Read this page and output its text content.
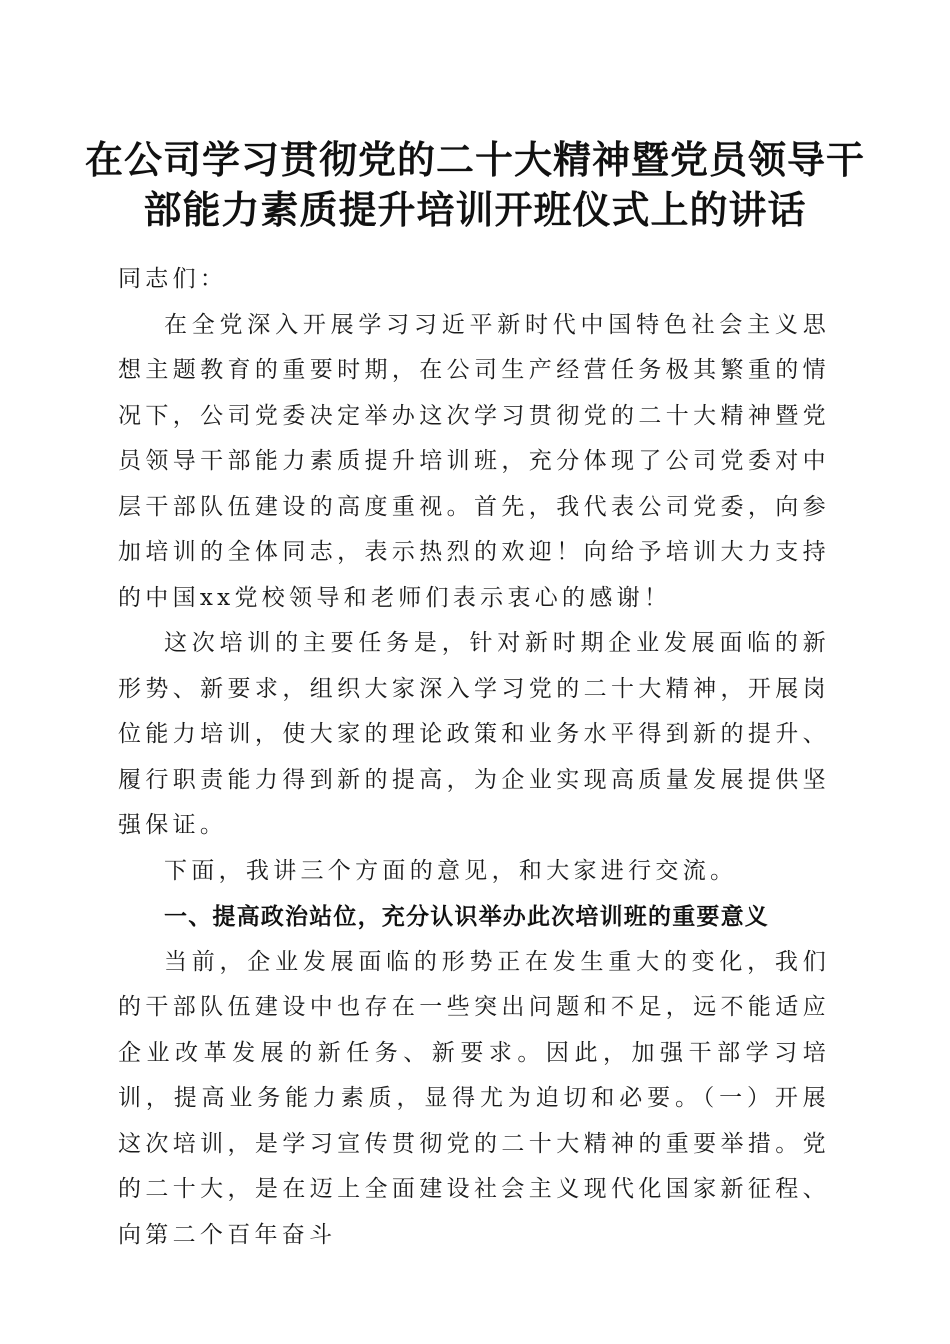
在公司学习贯彻党的二十大精神暨党员领导干
部能力素质提升培训开班仪式上的讲话

同志们：

在全党深入开展学习习近平新时代中国特色社会主义思想主题教育的重要时期，在公司生产经营任务极其繁重的情况下，公司党委决定举办这次学习贯彻党的二十大精神暨党员领导干部能力素质提升培训班，充分体现了公司党委对中层干部队伍建设的高度重视。首先，我代表公司党委，向参加培训的全体同志，表示热烈的欢迎！向给予培训大力支持的中国xx党校领导和老师们表示衷心的感谢！

这次培训的主要任务是，针对新时期企业发展面临的新形势、新要求，组织大家深入学习党的二十大精神，开展岗位能力培训，使大家的理论政策和业务水平得到新的提升、履行职责能力得到新的提高，为企业实现高质量发展提供坚强保证。

下面，我讲三个方面的意见，和大家进行交流。

一、提高政治站位，充分认识举办此次培训班的重要意义

当前，企业发展面临的形势正在发生重大的变化，我们的干部队伍建设中也存在一些突出问题和不足，远不能适应企业改革发展的新任务、新要求。因此，加强干部学习培训，提高业务能力素质，显得尤为迫切和必要。（一）开展这次培训，是学习宣传贯彻党的二十大精神的重要举措。党的二十大，是在迈上全面建设社会主义现代化国家新征程、向第二个百年奋斗
